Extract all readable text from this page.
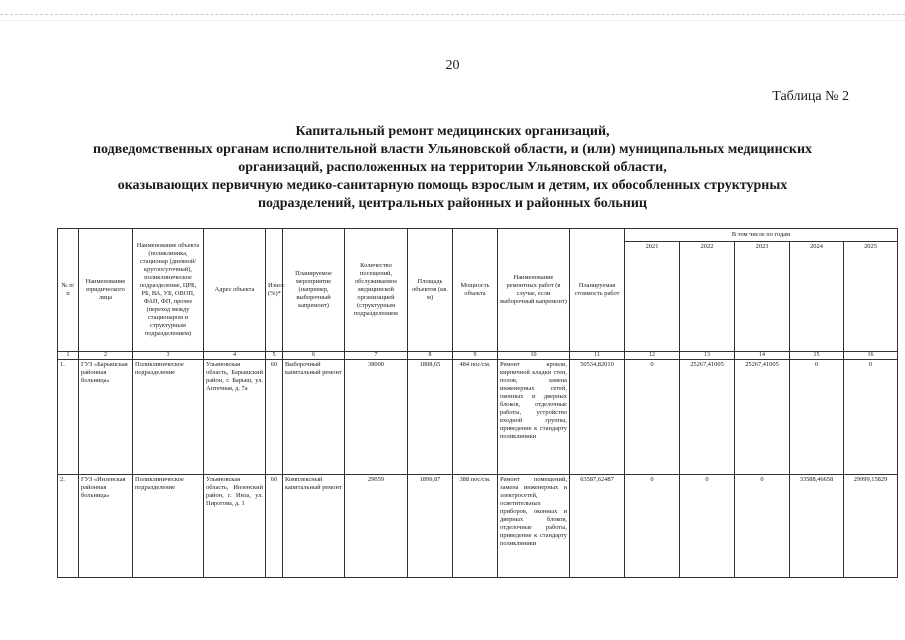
20
Таблица № 2
Капитальный ремонт медицинских организаций,
подведомственных органам исполнительной власти Ульяновской области, и (или) муниципальных медицинских
организаций, расположенных на территории Ульяновской области,
оказывающих первичную медико-санитарную помощь взрослым и детям, их обособленных структурных
подразделений, центральных районных и районных больниц
№ п/п	Наименование юридического лица	Наименование объекта (поликлиника, стационар (дневной/круглосуточный), поликлиническое подразделение, ЦРБ, РБ, ВА, УБ, ОВОП, ФАП, ФП, прочее (переход между стационаром и структурным подразделением)	Адрес объекта	Износ (%)*	Планируемое мероприятие (например, выборочный капремонт)	Количество посещений, обслуживаемое медицинской организацией (структурным подразделением	Площадь объектов (кв. м)	Мощность объекта	Наименование ремонтных работ (в случае, если выборочный капремонт)	Планируемая стоимость работ	В том числе по годам				
											2021	2022	2023	2024	2025
1	2	3	4	5	6	7	8	9	10	11	12	13	14	15	16
1.	ГУЗ «Барышская районная больница»	Поликлиническое подразделение	Ульяновская область, Барышский район, г. Барыш, ул. Аптечная, д. 7а	60	Выборочный капитальный ремонт	38000	1808,65	484 пос/см.	Ремонт кровли, кирпичной кладки стен, полов, замена инженерных сетей, оконных и дверных блоков, отделочные работы, устройство входной группы, приведение к стандарту поликлиники	50534,82010	0	25267,41005	25267,41005	0	0
2.	ГУЗ «Инзенская районная больница»	Поликлиническое подразделение	Ульяновская область, Инзенский район, г. Инза, ул. Пирогова, д. 1	60	Комплексный капитальный ремонт	29059	1899,87	388 пос/см.	Ремонт помещений, замена инженерных и электросетей, осветительных приборов, оконных и дверных блоков, отделочные работы, приведение к стандарту поликлиники	63587,62487	0	0	0	33588,46658	29999,15829
